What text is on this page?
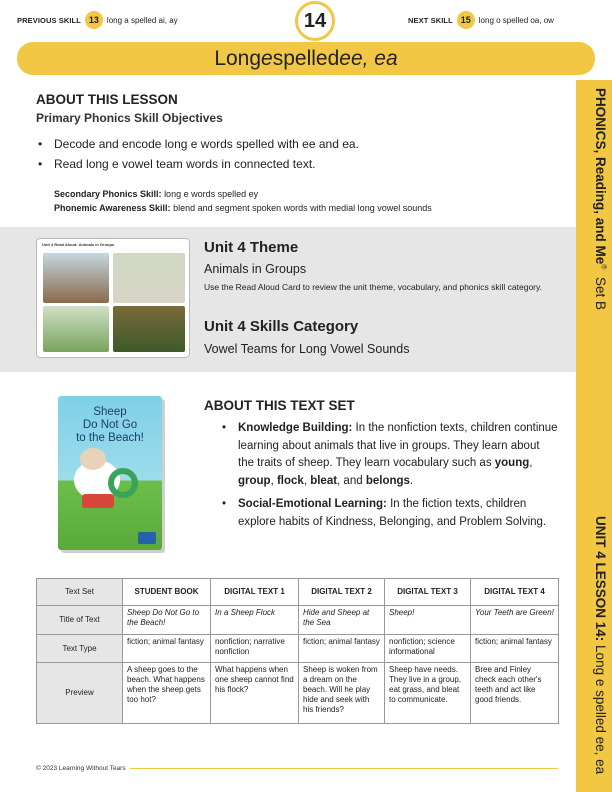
PREVIOUS SKILL 13	long a spelled ai, ay	14	NEXT SKILL 15	long o spelled oa, ow
Long e spelled ee, ea
PHONICS, Reading, and Me®  Set B
UNIT 4 LESSON 14: Long e spelled ee, ea
ABOUT THIS LESSON
Primary Phonics Skill Objectives
• Decode and encode long e words spelled with ee and ea.
• Read long e vowel team words in connected text.
Secondary Phonics Skill: long e words spelled ey
Phonemic Awareness Skill: blend and segment spoken words with medial long vowel sounds
Unit 4 Read Aloud: Animals in Groups	Unit 4 Theme
Animals in Groups
Use the Read Aloud Card to review the unit theme, vocabulary, and phonics skill category.
Unit 4 Skills Category
Vowel Teams for Long Vowel Sounds
Sheep
Do Not Go
to the Beach!
ABOUT THIS TEXT SET
• Knowledge Building: In the nonfiction texts, children continue learning about animals that live in groups. They learn about the traits of sheep. They learn vocabulary such as young, group, flock, bleat, and belongs.
• Social-Emotional Learning: In the fiction texts, children explore habits of Kindness, Belonging, and Problem Solving.
Text Set	STUDENT BOOK	DIGITAL TEXT 1	DIGITAL TEXT 2	DIGITAL TEXT 3	DIGITAL TEXT 4
Title of Text	Sheep Do Not Go to the Beach!	In a Sheep Flock	Hide and Sheep at the Sea	Sheep!	Your Teeth are Green!
Text Type	fiction; animal fantasy	nonfiction; narrative nonfiction	fiction; animal fantasy	nonfiction; science informational	fiction; animal fantasy
Preview	A sheep goes to the beach. What happens when the sheep gets too hot?	What happens when one sheep cannot find his flock?	Sheep is woken from a dream on the beach. Will he play hide and seek with his friends?	Sheep have needs. They live in a group, eat grass, and bleat to communicate.	Bree and Finley check each other's teeth and act like good friends.
© 2023 Learning Without Tears
